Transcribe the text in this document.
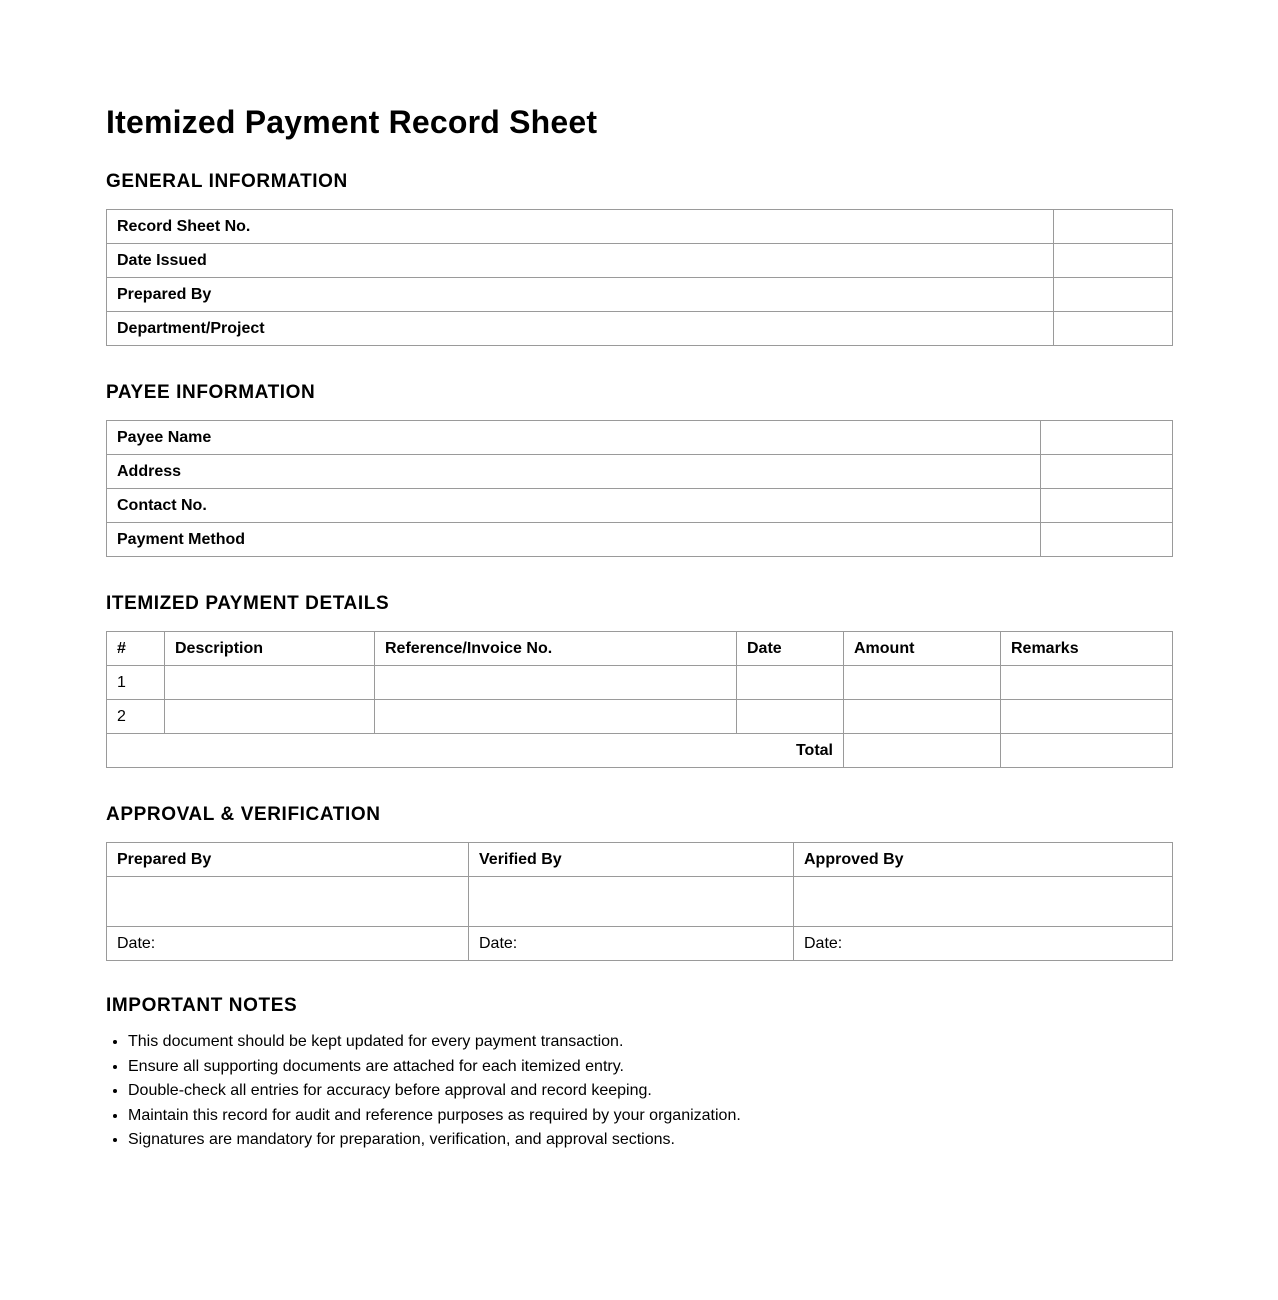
Itemized Payment Record Sheet
GENERAL INFORMATION
Record Sheet No.	
Date Issued	
Prepared By	
Department/Project	
PAYEE INFORMATION
Payee Name	
Address	
Contact No.	
Payment Method	
ITEMIZED PAYMENT DETAILS
#	Description	Reference/Invoice No.	Date	Amount	Remarks
1					
2					
Total					
APPROVAL & VERIFICATION
Prepared By	Verified By	Approved By

Date:	Date:	Date:
IMPORTANT NOTES
• This document should be kept updated for every payment transaction.
• Ensure all supporting documents are attached for each itemized entry.
• Double-check all entries for accuracy before approval and record keeping.
• Maintain this record for audit and reference purposes as required by your organization.
• Signatures are mandatory for preparation, verification, and approval sections.
